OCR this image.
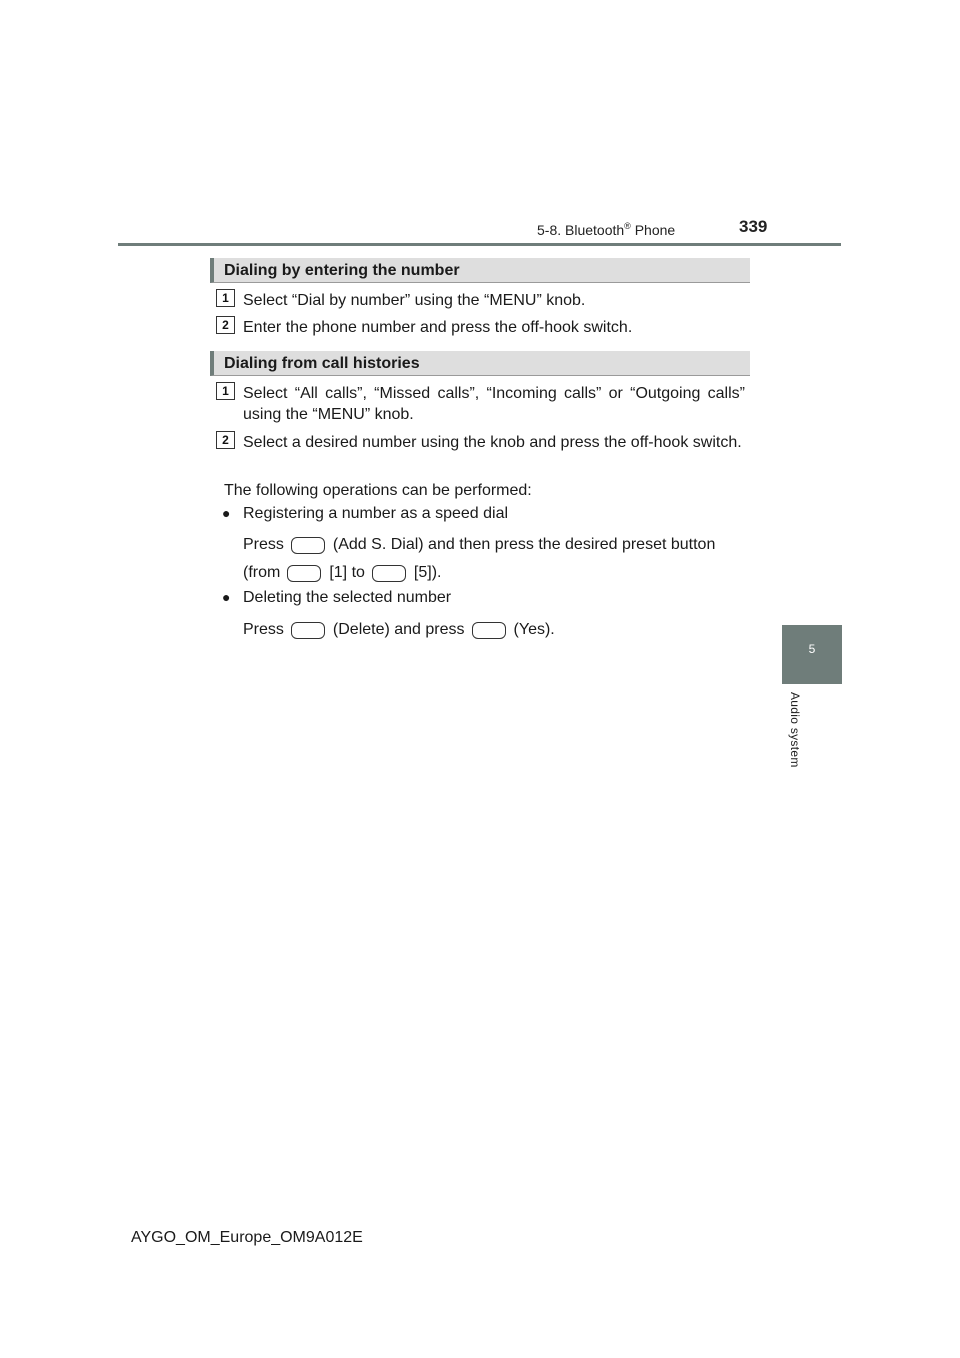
5-8. Bluetooth® Phone	339
5
Audio system
Dialing by entering the number
1 Select “Dial by number” using the “MENU” knob.
2 Enter the phone number and press the off-hook switch.
Dialing from call histories
1 Select “All calls”, “Missed calls”, “Incoming calls” or “Outgoing calls” using the “MENU” knob.
2 Select a desired number using the knob and press the off-hook switch.
The following operations can be performed:
● Registering a number as a speed dial
Press	(Add S. Dial) and then press the desired preset button
(from	[1] to	[5]).
● Deleting the selected number
Press	(Delete) and press	(Yes).
AYGO_OM_Europe_OM9A012E
